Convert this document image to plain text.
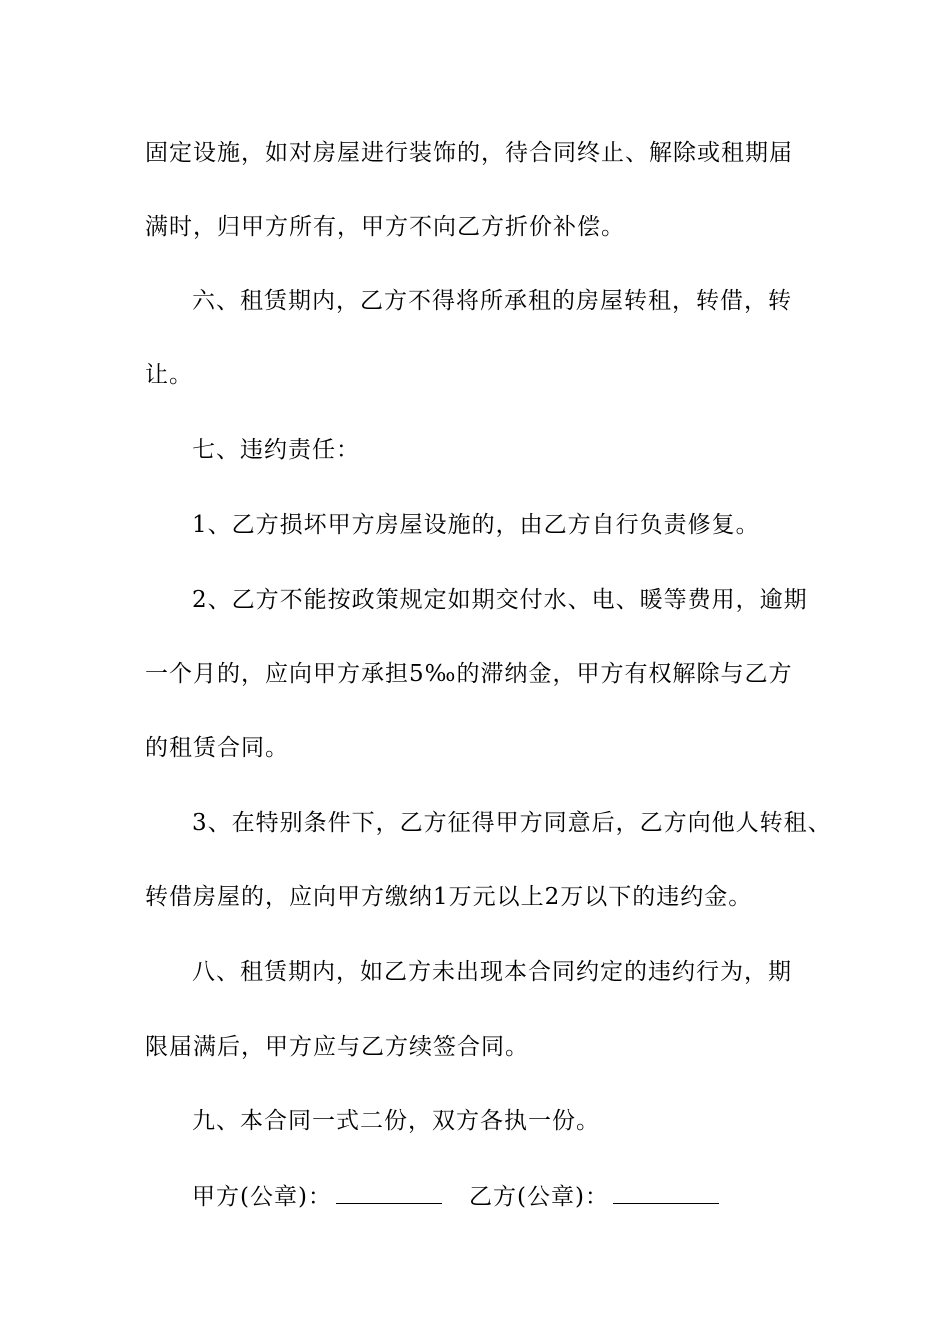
固定设施，如对房屋进行装饰的，待合同终止、解除或租期届
满时，归甲方所有，甲方不向乙方折价补偿。
六、租赁期内，乙方不得将所承租的房屋转租，转借，转
让。
七、违约责任：
1、乙方损坏甲方房屋设施的，由乙方自行负责修复。
2、乙方不能按政策规定如期交付水、电、暖等费用，逾期
一个月的，应向甲方承担5‰的滞纳金，甲方有权解除与乙方
的租赁合同。
3、在特别条件下，乙方征得甲方同意后，乙方向他人转租、
转借房屋的，应向甲方缴纳1万元以上2万以下的违约金。
八、租赁期内，如乙方未出现本合同约定的违约行为，期
限届满后，甲方应与乙方续签合同。
九、本合同一式二份，双方各执一份。
甲方(公章)：	乙方(公章)：
